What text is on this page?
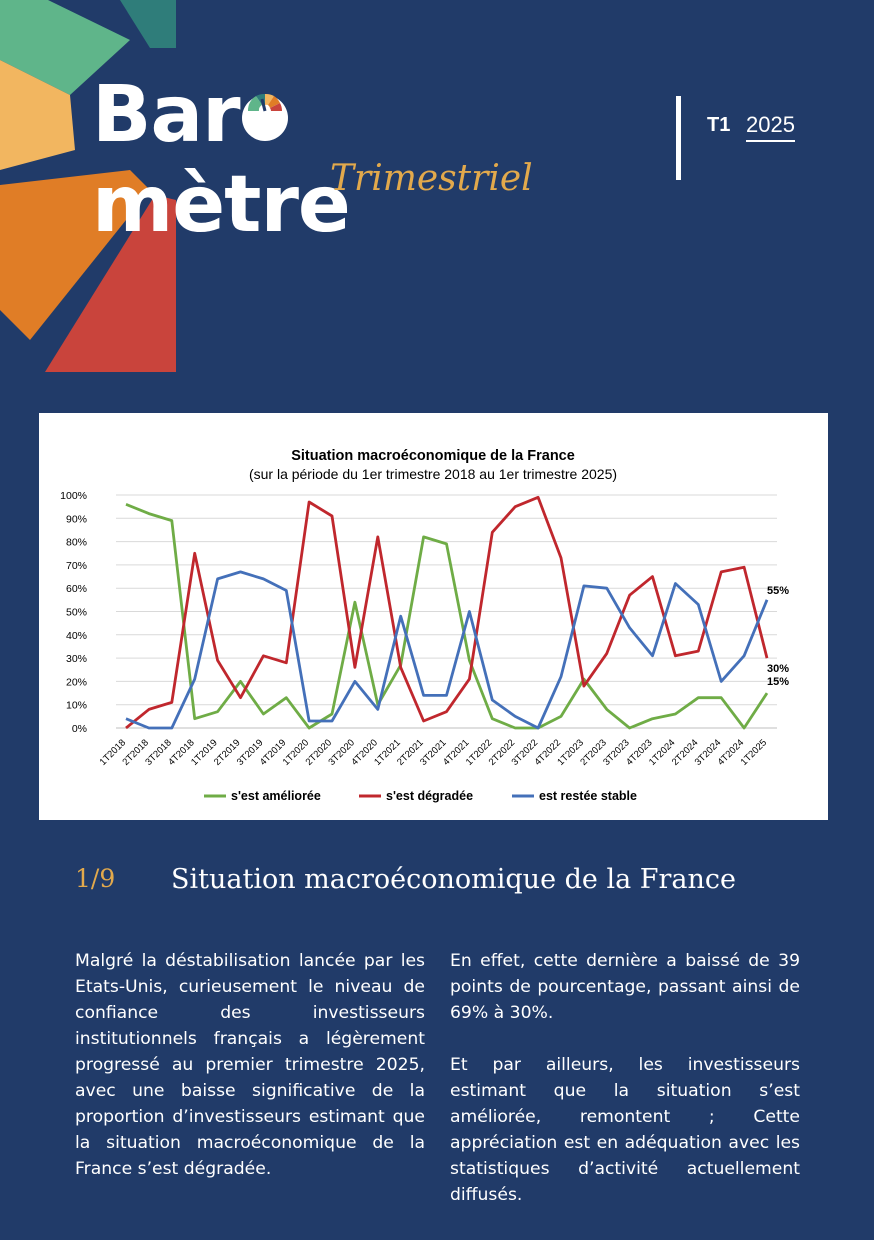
Bar
mètre
Trimestriel
T1 2025
Situation macroéconomique de la France
(sur la période du 1er trimestre 2018 au 1er trimestre 2025)
0%
10%
20%
30%
40%
50%
60%
70%
80%
90%
100%
1T2018
2T2018
3T2018
4T2018
1T2019
2T2019
3T2019
4T2019
1T2020
2T2020
3T2020
4T2020
1T2021
2T2021
3T2021
4T2021
1T2022
2T2022
3T2022
4T2022
1T2023
2T2023
3T2023
4T2023
1T2024
2T2024
3T2024
4T2024
1T2025
15%
30%
55%
s'est améliorée	s'est dégradée	est restée stable
1/9 Situation macroéconomique de la France

Malgré la déstabilisation lancée par les Etats-Unis, curieusement le niveau de confiance des investisseurs institutionnels français a légèrement progressé au premier trimestre 2025, avec une baisse significative de la proportion d’investisseurs estimant que la situation macroéconomique de la France s’est dégradée.

En effet, cette dernière a baissé de 39 points de pourcentage, passant ainsi de 69% à 30%.

Et par ailleurs, les investisseurs estimant que la situation s’est améliorée, remontent ; Cette appréciation est en adéquation avec les statistiques d’activité actuellement diffusés.
